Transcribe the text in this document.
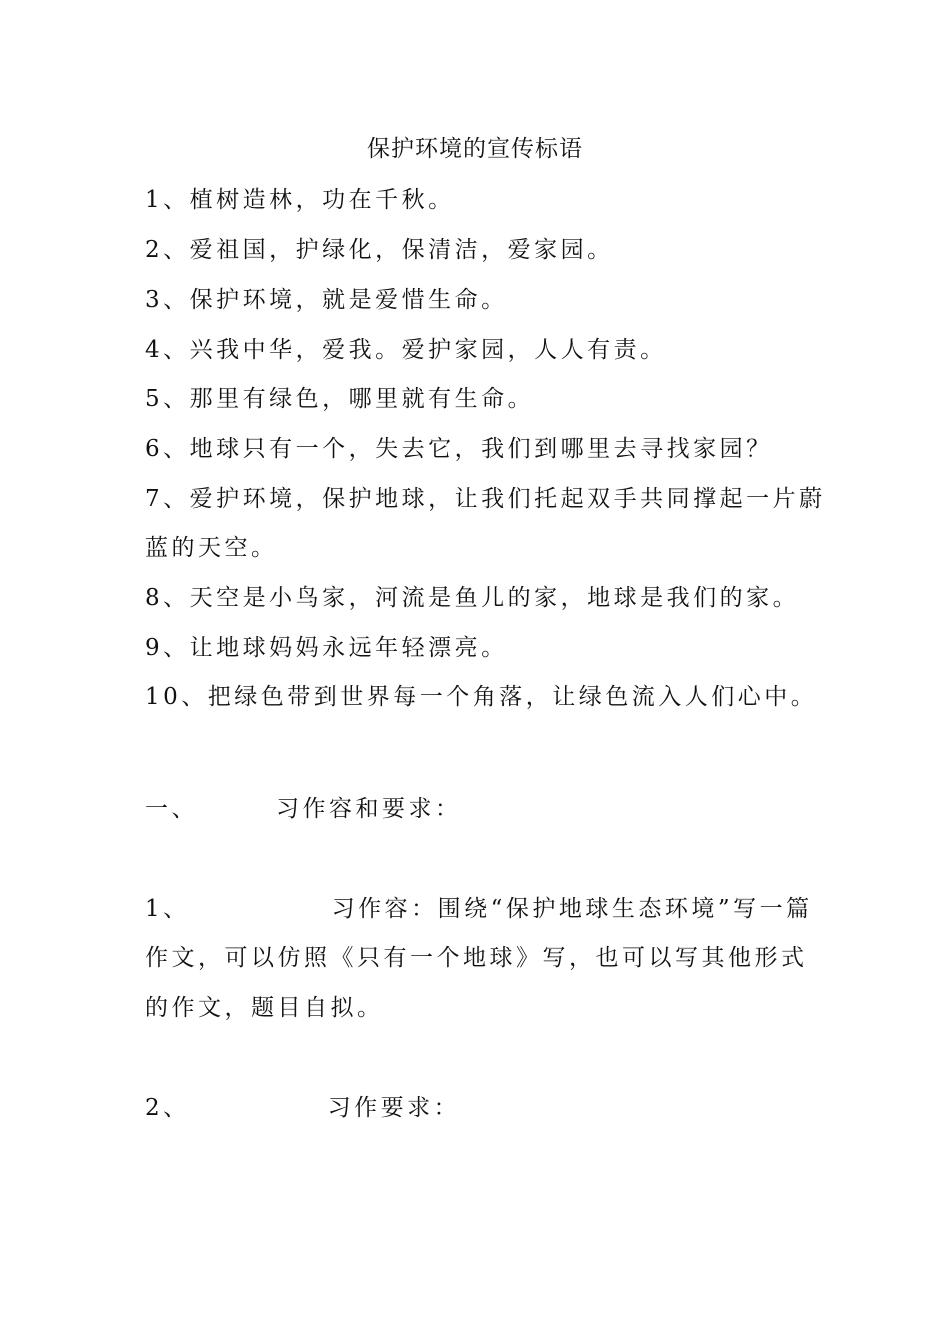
保护环境的宣传标语
1、植树造林，功在千秋。
2、爱祖国，护绿化，保清洁，爱家园。
3、保护环境，就是爱惜生命。
4、兴我中华，爱我。爱护家园，人人有责。
5、那里有绿色，哪里就有生命。
6、地球只有一个，失去它，我们到哪里去寻找家园？
7、爱护环境，保护地球，让我们托起双手共同撑起一片蔚
蓝的天空。
8、天空是小鸟家，河流是鱼儿的家，地球是我们的家。
9、让地球妈妈永远年轻漂亮。
10、把绿色带到世界每一个角落，让绿色流入人们心中。
一、	习作容和要求：
1、	习作容：围绕“保护地球生态环境”写一篇
作文，可以仿照《只有一个地球》写，也可以写其他形式
的作文，题目自拟。
2、	习作要求：
